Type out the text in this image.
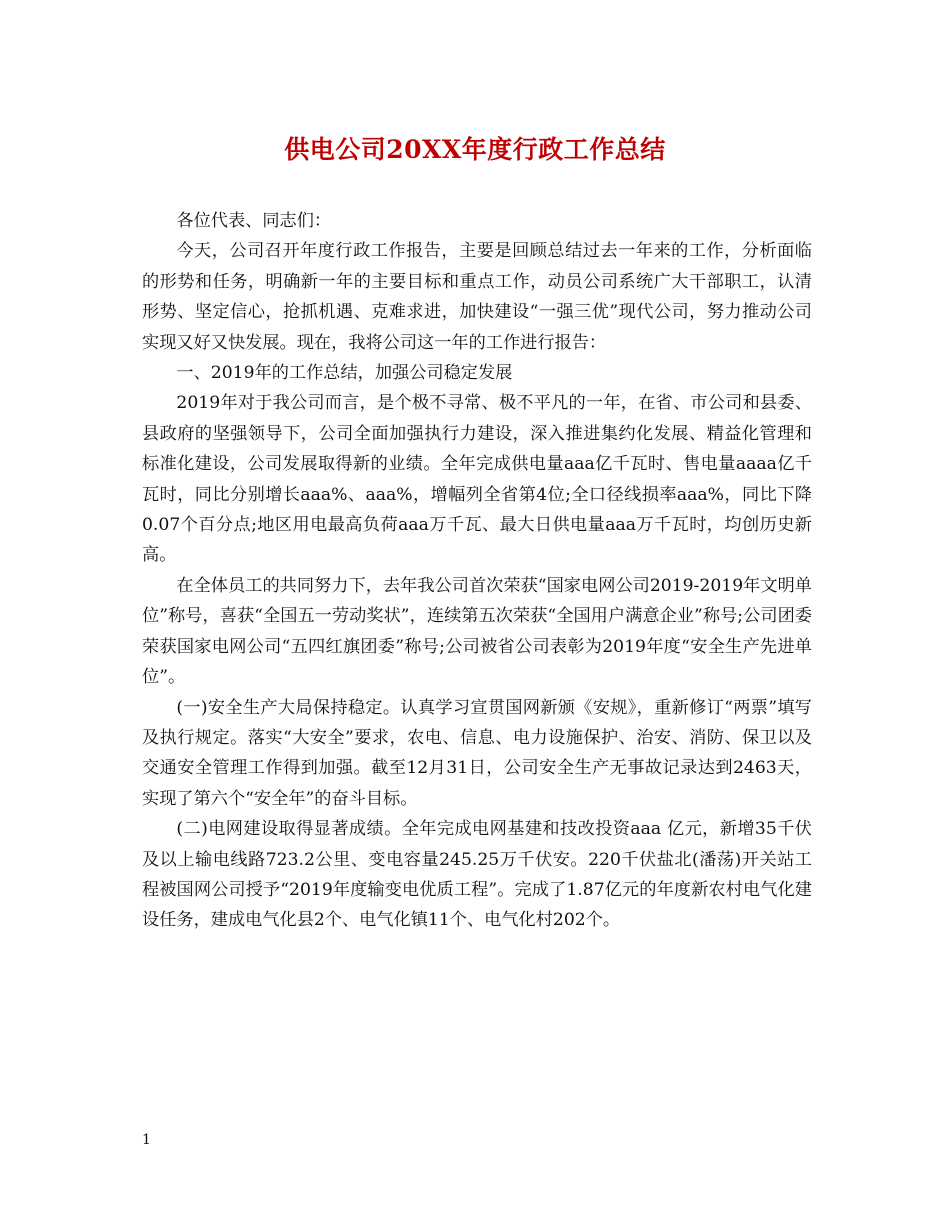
供电公司20XX年度行政工作总结

各位代表、同志们：

今天，公司召开年度行政工作报告，主要是回顾总结过去一年来的工作，分析面临的形势和任务，明确新一年的主要目标和重点工作，动员公司系统广大干部职工，认清形势、坚定信心，抢抓机遇、克难求进，加快建设“一强三优”现代公司，努力推动公司实现又好又快发展。现在，我将公司这一年的工作进行报告：

一、2019年的工作总结，加强公司稳定发展

2019年对于我公司而言，是个极不寻常、极不平凡的一年，在省、市公司和县委、县政府的坚强领导下，公司全面加强执行力建设，深入推进集约化发展、精益化管理和标准化建设，公司发展取得新的业绩。全年完成供电量aaa亿千瓦时、售电量aaaa亿千瓦时，同比分别增长aaa%、aaa%，增幅列全省第4位;全口径线损率aaa%，同比下降0.07个百分点;地区用电最高负荷aaa万千瓦、最大日供电量aaa万千瓦时，均创历史新高。

在全体员工的共同努力下，去年我公司首次荣获“国家电网公司2019-2019年文明单位”称号，喜获“全国五一劳动奖状”，连续第五次荣获“全国用户满意企业”称号;公司团委荣获国家电网公司“五四红旗团委”称号;公司被省公司表彰为2019年度“安全生产先进单位”。

(一)安全生产大局保持稳定。认真学习宣贯国网新颁《安规》，重新修订“两票”填写及执行规定。落实“大安全”要求，农电、信息、电力设施保护、治安、消防、保卫以及交通安全管理工作得到加强。截至12月31日，公司安全生产无事故记录达到2463天，实现了第六个“安全年”的奋斗目标。

(二)电网建设取得显著成绩。全年完成电网基建和技改投资aaa 亿元，新增35千伏及以上输电线路723.2公里、变电容量245.25万千伏安。220千伏盐北(潘荡)开关站工程被国网公司授予“2019年度输变电优质工程”。完成了1.87亿元的年度新农村电气化建设任务，建成电气化县2个、电气化镇11个、电气化村202个。

1
